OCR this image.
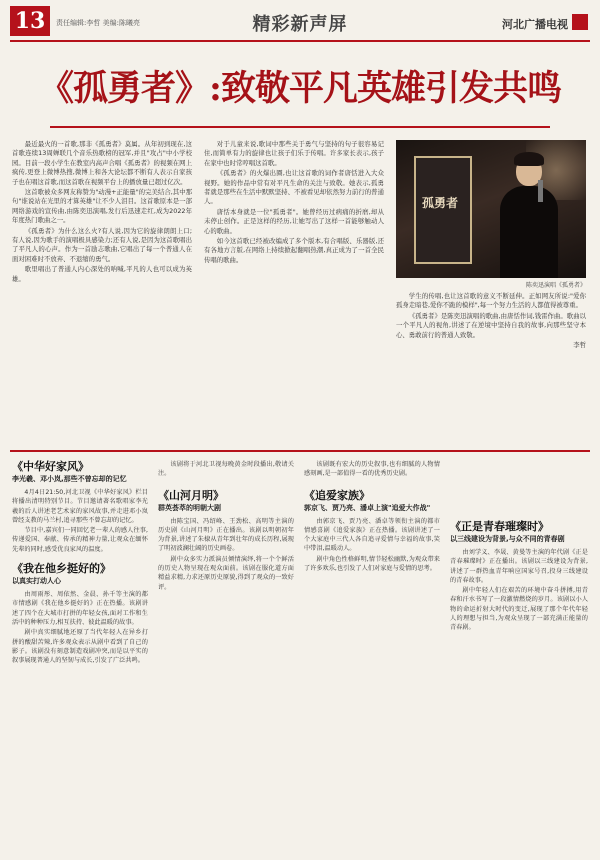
13	责任编辑:李哲 美编:陈曦亮	精彩新声屏	河北广播电视
《孤勇者》:致敬平凡英雄引发共鸣

最近最火的一首歌,那非《孤勇者》莫属。从年初到现在,这首歌连续13周蝉联几个音乐热歌榜的冠军,并且"攻占"中小学校园。目前一段小学生在教室内高声合唱《孤勇者》的视频在网上疯传,更登上微博热搜,微博上和各大论坛都不断有人表示自家孩子也在唱这首歌,而这首歌在视频平台上的播放量已超过亿次。

这首歌被众多网友称赞为"动漫+正能量"的完美结合,其中那句"谁说站在光里的才算英雄"让不少人泪目。这首歌原本是一部网络游戏的宣传曲,由陈奕迅演唱,发行后迅速走红,成为2022年年度热门歌曲之一。

《孤勇者》为什么这么火?有人说,因为它的旋律朗朗上口;有人说,因为歌手的演唱极具感染力;还有人说,是因为这首歌唱出了平凡人的心声。作为一首励志歌曲,它唱出了每一个普通人在面对困难时不放弃、不退缩的勇气。

歌里唱出了普通人内心深处的呐喊,平凡的人也可以成为英雄。

对于儿童来说,歌词中那些关于勇气与坚持的句子很容易记住,而简单有力的旋律也让孩子们乐于传唱。许多家长表示,孩子在家中也时常哼唱这首歌。

《孤勇者》的火爆出圈,也让这首歌的词作者唐恬进入大众视野。她的作品中常有对平凡生命的关注与致敬。她表示,孤勇者就是那些在生活中默默坚持、不被看见却依然努力前行的普通人。

唐恬本身就是一位"孤勇者"。她曾经历过病痛的折磨,却从未停止创作。正是这样的经历,让她写出了这样一首能够触动人心的歌曲。

如今这首歌已经被改编成了多个版本,有合唱版、乐器版,还有各地方言版,在网络上持续掀起翻唱热潮,真正成为了一首全民传唱的歌曲。

孤勇者
陈奕迅演唱《孤勇者》

学生的传唱,也让这首歌的意义不断延伸。正如网友所说:"爱你孤身走暗巷,爱你不跪的模样",每一个努力生活的人都值得被尊重。

《孤勇者》是陈奕迅演唱的歌曲,由唐恬作词,钱雷作曲。歌曲以一个平凡人的视角,讲述了在逆境中坚持自我的故事,向那些坚守本心、勇敢前行的普通人致敬。

李哲

《中华好家风》
李光羲、邓小岚,那些不曾忘却的记忆

4月4日21:50,河北卫视《中华好家风》栏目将播出清明特别节目。节目邀请著名歌唱家李光羲的后人讲述老艺术家的家风故事,并走进邓小岚曾经支教的马兰村,追寻那些不曾忘却的记忆。

节目中,嘉宾们一同回忆老一辈人的感人往事,传递爱国、奉献、传承的精神力量,让观众在缅怀先辈的同时,感受优良家风的温度。

《我在他乡挺好的》
以真实打动人心

由周雨彤、周依然、金晨、孙千等主演的都市情感剧《我在他乡挺好的》正在热播。该剧讲述了四个在大城市打拼的年轻女孩,面对工作和生活中的种种压力,相互扶持、彼此温暖的故事。

剧中真实细腻地还原了当代年轻人在异乡打拼的酸甜苦辣,许多观众表示从剧中看到了自己的影子。该剧没有刻意制造戏剧冲突,而是以平实的叙事展现普通人的坚韧与成长,引发了广泛共鸣。

该剧将于河北卫视每晚黄金时段播出,敬请关注。

《山河月明》
群英荟萃的明朝大剧

由陈宝国、冯绍峰、王劲松、高明等主演的历史剧《山河月明》正在播出。该剧以明朝初年为背景,讲述了朱棣从青年到壮年的成长历程,展现了明初波澜壮阔的历史画卷。

剧中众多实力派演员倾情演绎,将一个个鲜活的历史人物呈现在观众面前。该剧在服化道方面精益求精,力求还原历史原貌,得到了观众的一致好评。

该剧既有宏大的历史叙事,也有细腻的人物情感刻画,是一部值得一看的优秀历史剧。

《追爱家族》
郭京飞、贾乃亮、潘卓上演"追爱大作战"

由郭京飞、贾乃亮、潘卓等领衔主演的都市情感喜剧《追爱家族》正在热播。该剧讲述了一个大家庭中三代人各自追寻爱情与幸福的故事,笑中带泪,温暖动人。

剧中角色性格鲜明,情节轻松幽默,为观众带来了许多欢乐,也引发了人们对家庭与爱情的思考。

《正是青春璀璨时》
以三线建设为背景,与众不同的青春剧

由刘学义、李晟、黄曼等主演的年代剧《正是青春璀璨时》正在播出。该剧以三线建设为背景,讲述了一群热血青年响应国家号召,投身三线建设的青春故事。

剧中年轻人们在艰苦的环境中奋斗拼搏,用青春和汗水书写了一段激情燃烧的岁月。该剧以小人物的命运折射大时代的变迁,展现了那个年代年轻人的理想与担当,为观众呈现了一部充满正能量的青春剧。
